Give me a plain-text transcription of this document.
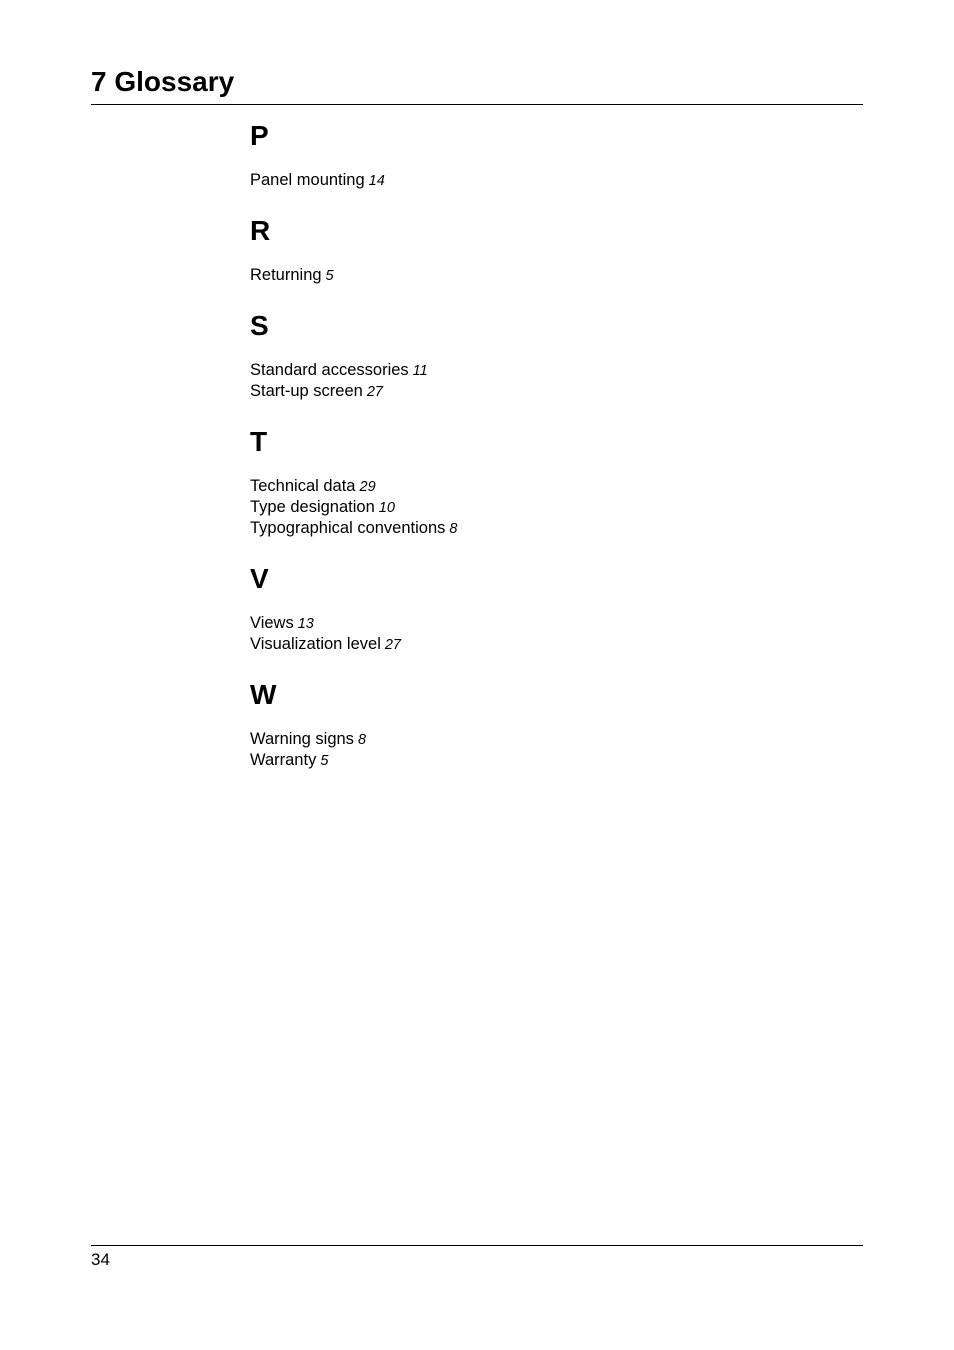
7 Glossary
P
Panel mounting 14
R
Returning 5
S
Standard accessories 11
Start-up screen 27
T
Technical data 29
Type designation 10
Typographical conventions 8
V
Views 13
Visualization level 27
W
Warning signs 8
Warranty 5
34
